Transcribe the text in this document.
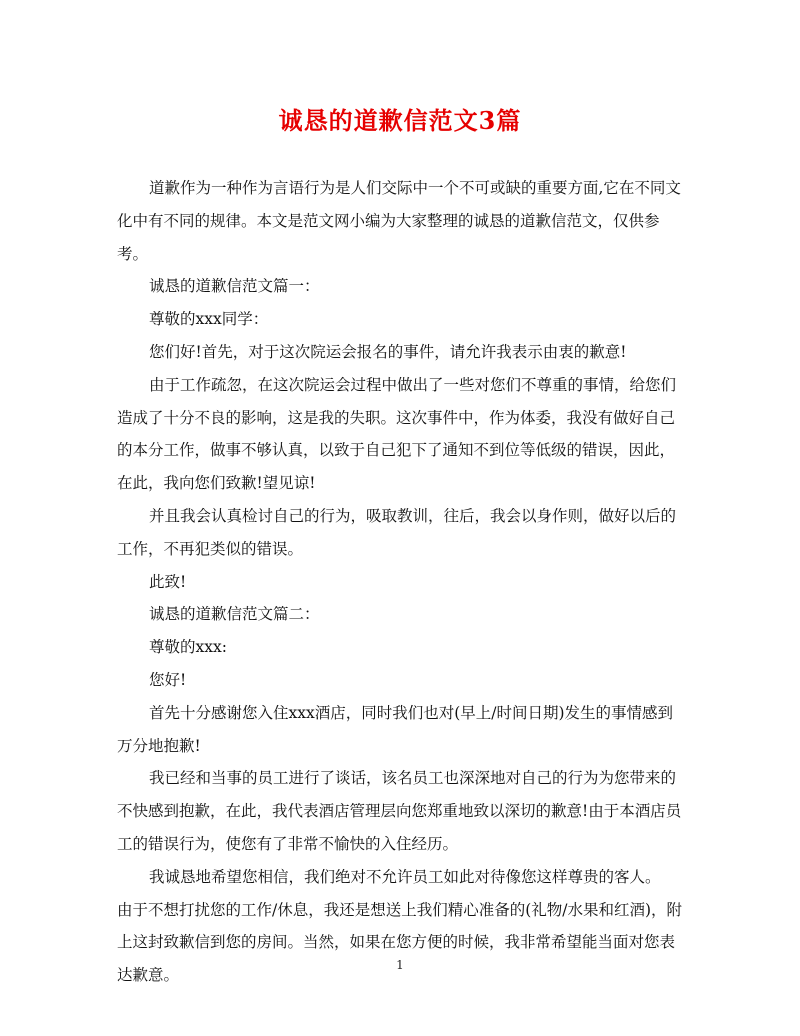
诚恳的道歉信范文3篇

道歉作为一种作为言语行为是人们交际中一个不可或缺的重要方面,它在不同文化中有不同的规律。本文是范文网小编为大家整理的诚恳的道歉信范文，仅供参考。

诚恳的道歉信范文篇一：

尊敬的xxx同学：

您们好!首先，对于这次院运会报名的事件，请允许我表示由衷的歉意!

由于工作疏忽，在这次院运会过程中做出了一些对您们不尊重的事情，给您们造成了十分不良的影响，这是我的失职。这次事件中，作为体委，我没有做好自己的本分工作，做事不够认真，以致于自己犯下了通知不到位等低级的错误，因此，在此，我向您们致歉!望见谅!

并且我会认真检讨自己的行为，吸取教训，往后，我会以身作则，做好以后的工作，不再犯类似的错误。

此致!

诚恳的道歉信范文篇二：

尊敬的xxx:

您好!

首先十分感谢您入住xxx酒店，同时我们也对(早上/时间日期)发生的事情感到万分地抱歉!

我已经和当事的员工进行了谈话，该名员工也深深地对自己的行为为您带来的不快感到抱歉，在此，我代表酒店管理层向您郑重地致以深切的歉意!由于本酒店员工的错误行为，使您有了非常不愉快的入住经历。

我诚恳地希望您相信，我们绝对不允许员工如此对待像您这样尊贵的客人。

由于不想打扰您的工作/休息，我还是想送上我们精心准备的(礼物/水果和红酒)，附上这封致歉信到您的房间。当然，如果在您方便的时候，我非常希望能当面对您表达歉意。

1
